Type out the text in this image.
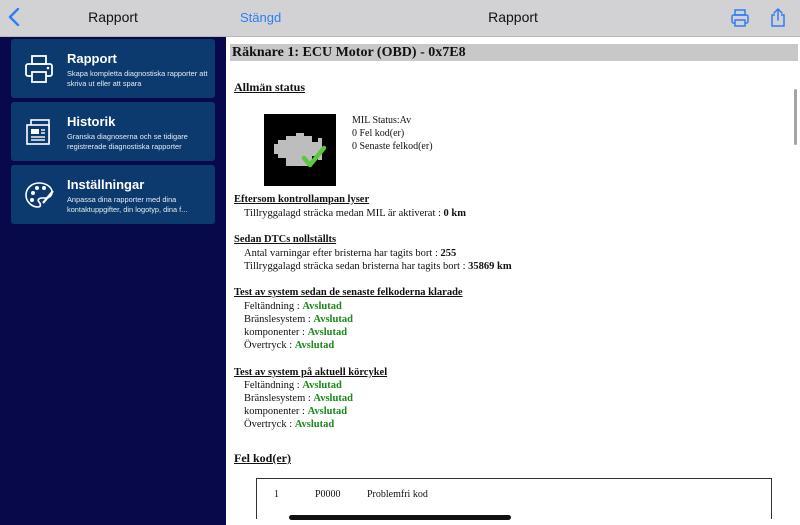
Rapport
Rapport
Skapa kompletta diagnostiska rapporter att skriva ut eller att spara
Historik
Granska diagnoserna och se tidigare registrerade diagnostiska rapporter
Inställningar
Anpassa dina rapporter med dina kontaktuppgifter, din logotyp, dina f...
Stängd	Rapport
Räknare 1: ECU Motor (OBD) - 0x7E8
Allmän status
MIL Status:Av
0 Fel kod(er)
0 Senaste felkod(er)
Eftersom kontrollampan lyser
Tillryggalagd sträcka medan MIL är aktiverat : 0 km
Sedan DTCs nollställts
Antal varningar efter bristerna har tagits bort : 255
Tillryggalagd sträcka sedan bristerna har tagits bort : 35869 km
Test av system sedan de senaste felkoderna klarade
Feltändning : Avslutad
Bränslesystem : Avslutad
komponenter : Avslutad
Övertryck : Avslutad
Test av system på aktuell körcykel
Feltändning : Avslutad
Bränslesystem : Avslutad
komponenter : Avslutad
Övertryck : Avslutad
Fel kod(er)
1	P0000	Problemfri kod
